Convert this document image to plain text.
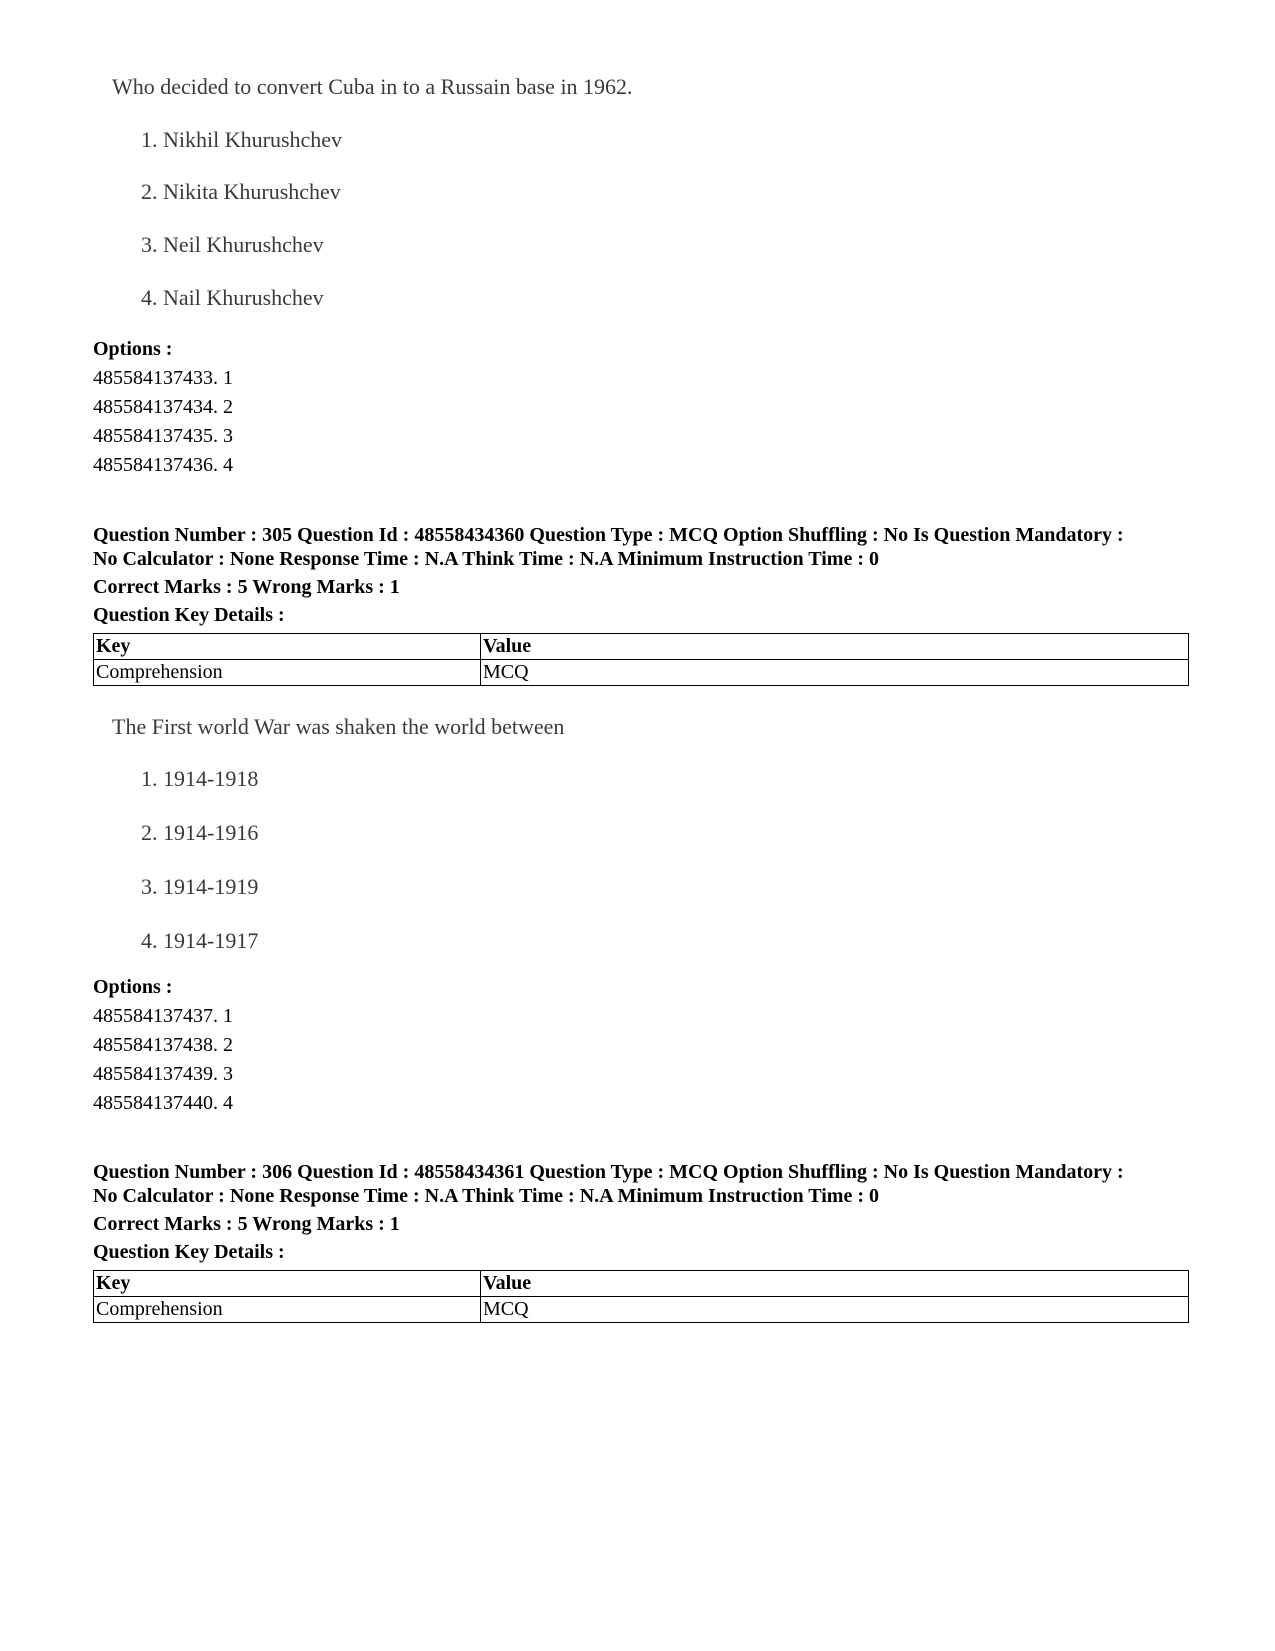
Who decided to convert Cuba in to a Russain base in 1962.

1. Nikhil Khurushchev

2. Nikita Khurushchev

3. Neil Khurushchev

4. Nail Khurushchev

Options :
485584137433. 1
485584137434. 2
485584137435. 3
485584137436. 4
Question Number : 305 Question Id : 48558434360 Question Type : MCQ Option Shuffling : No Is Question Mandatory :
No Calculator : None Response Time : N.A Think Time : N.A Minimum Instruction Time : 0
Correct Marks : 5 Wrong Marks : 1
Question Key Details :
Key	Value
Comprehension	MCQ

The First world War was shaken the world between

1. 1914-1918

2. 1914-1916

3. 1914-1919

4. 1914-1917

Options :
485584137437. 1
485584137438. 2
485584137439. 3
485584137440. 4
Question Number : 306 Question Id : 48558434361 Question Type : MCQ Option Shuffling : No Is Question Mandatory :
No Calculator : None Response Time : N.A Think Time : N.A Minimum Instruction Time : 0
Correct Marks : 5 Wrong Marks : 1
Question Key Details :
Key	Value
Comprehension	MCQ
